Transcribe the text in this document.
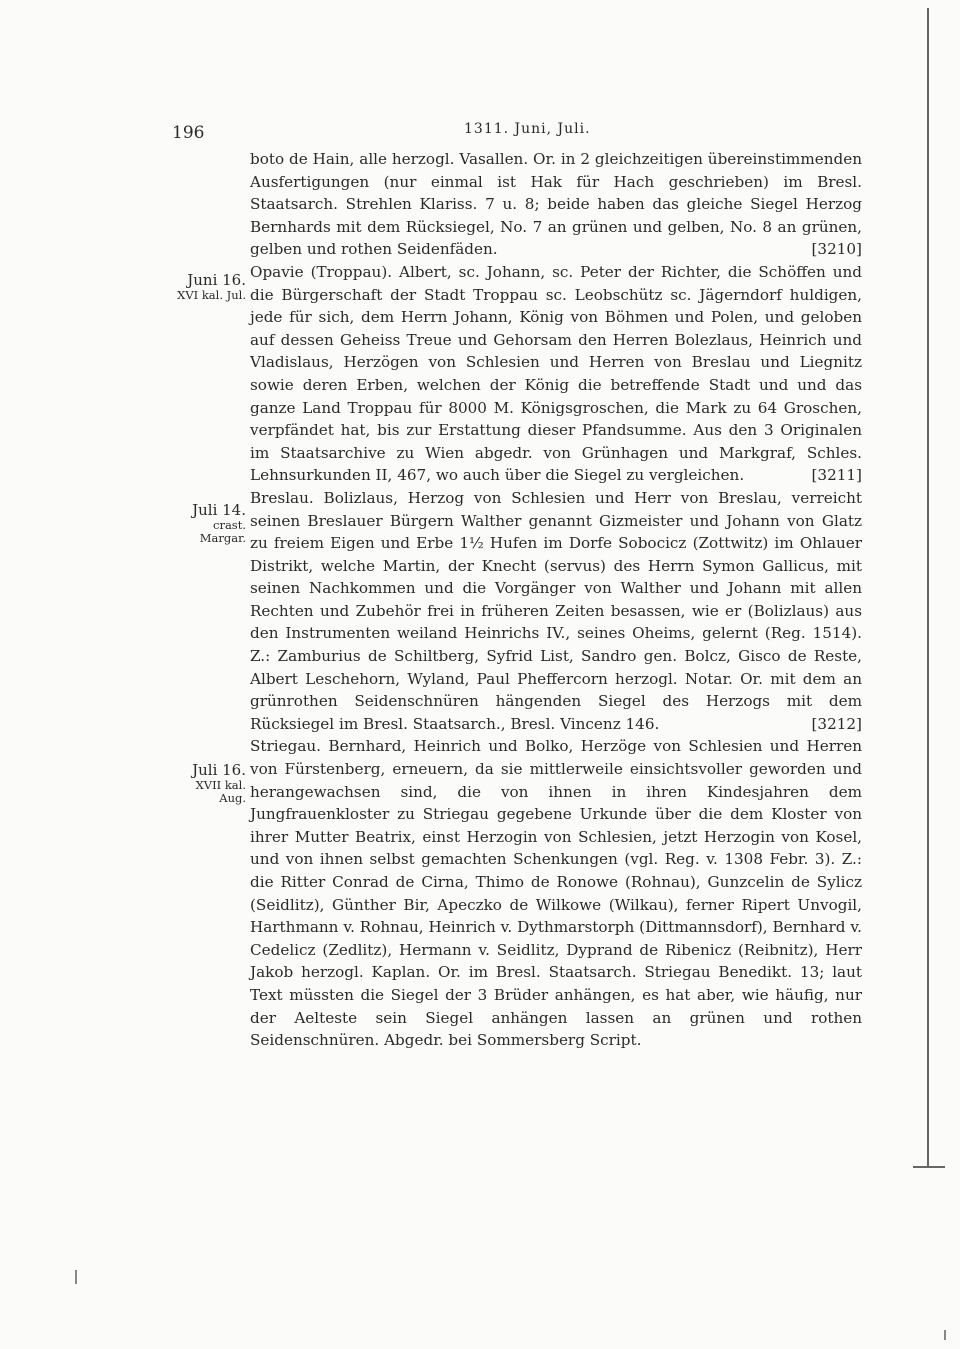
196	1311. Juni, Juli.
Juni 16.
XVI kal. Jul.
Juli 14.
crast. Margar.
Juli 16.
XVII kal. Aug.

boto de Hain, alle herzogl. Vasallen. Or. in 2 gleichzeitigen übereinstimmenden Ausfertigungen (nur einmal ist Hak für Hach geschrieben) im Bresl. Staatsarch. Strehlen Klariss. 7 u. 8; beide haben das gleiche Siegel Herzog Bernhards mit dem Rücksiegel, No. 7 an grünen und gelben, No. 8 an grünen, gelben und rothen Seidenfäden.	[3210]

Opavie (Troppau). Albert, sc. Johann, sc. Peter der Richter, die Schöffen und die Bürgerschaft der Stadt Troppau sc. Leobschütz sc. Jägerndorf huldigen, jede für sich, dem Herrn Johann, König von Böhmen und Polen, und geloben auf dessen Geheiss Treue und Gehorsam den Herren Bolezlaus, Heinrich und Vladislaus, Herzögen von Schlesien und Herren von Breslau und Liegnitz sowie deren Erben, welchen der König die betreffende Stadt und und das ganze Land Troppau für 8000 M. Königsgroschen, die Mark zu 64 Groschen, verpfändet hat, bis zur Erstattung dieser Pfandsumme. Aus den 3 Originalen im Staatsarchive zu Wien abgedr. von Grünhagen und Markgraf, Schles. Lehnsurkunden II, 467, wo auch über die Siegel zu vergleichen.	[3211]

Breslau. Bolizlaus, Herzog von Schlesien und Herr von Breslau, verreicht seinen Breslauer Bürgern Walther genannt Gizmeister und Johann von Glatz zu freiem Eigen und Erbe 1½ Hufen im Dorfe Sobocicz (Zottwitz) im Ohlauer Distrikt, welche Martin, der Knecht (servus) des Herrn Symon Gallicus, mit seinen Nachkommen und die Vorgänger von Walther und Johann mit allen Rechten und Zubehör frei in früheren Zeiten besassen, wie er (Bolizlaus) aus den Instrumenten weiland Heinrichs IV., seines Oheims, gelernt (Reg. 1514). Z.: Zamburius de Schiltberg, Syfrid List, Sandro gen. Bolcz, Gisco de Reste, Albert Leschehorn, Wyland, Paul Pheffercorn herzogl. Notar. Or. mit dem an grünrothen Seidenschnüren hängenden Siegel des Herzogs mit dem Rücksiegel im Bresl. Staatsarch., Bresl. Vincenz 146.	[3212]

Striegau. Bernhard, Heinrich und Bolko, Herzöge von Schlesien und Herren von Fürstenberg, erneuern, da sie mittlerweile einsichtsvoller geworden und herangewachsen sind, die von ihnen in ihren Kindesjahren dem Jungfrauenkloster zu Striegau gegebene Urkunde über die dem Kloster von ihrer Mutter Beatrix, einst Herzogin von Schlesien, jetzt Herzogin von Kosel, und von ihnen selbst gemachten Schenkungen (vgl. Reg. v. 1308 Febr. 3). Z.: die Ritter Conrad de Cirna, Thimo de Ronowe (Rohnau), Gunzcelin de Sylicz (Seidlitz), Günther Bir, Apeczko de Wilkowe (Wilkau), ferner Ripert Unvogil, Harthmann v. Rohnau, Heinrich v. Dythmarstorph (Dittmannsdorf), Bernhard v. Cedelicz (Zedlitz), Hermann v. Seidlitz, Dyprand de Ribenicz (Reibnitz), Herr Jakob herzogl. Kaplan. Or. im Bresl. Staatsarch. Striegau Benedikt. 13; laut Text müssten die Siegel der 3 Brüder anhängen, es hat aber, wie häufig, nur der Aelteste sein Siegel anhängen lassen an grünen und rothen Seidenschnüren. Abgedr. bei Sommersberg Script.
